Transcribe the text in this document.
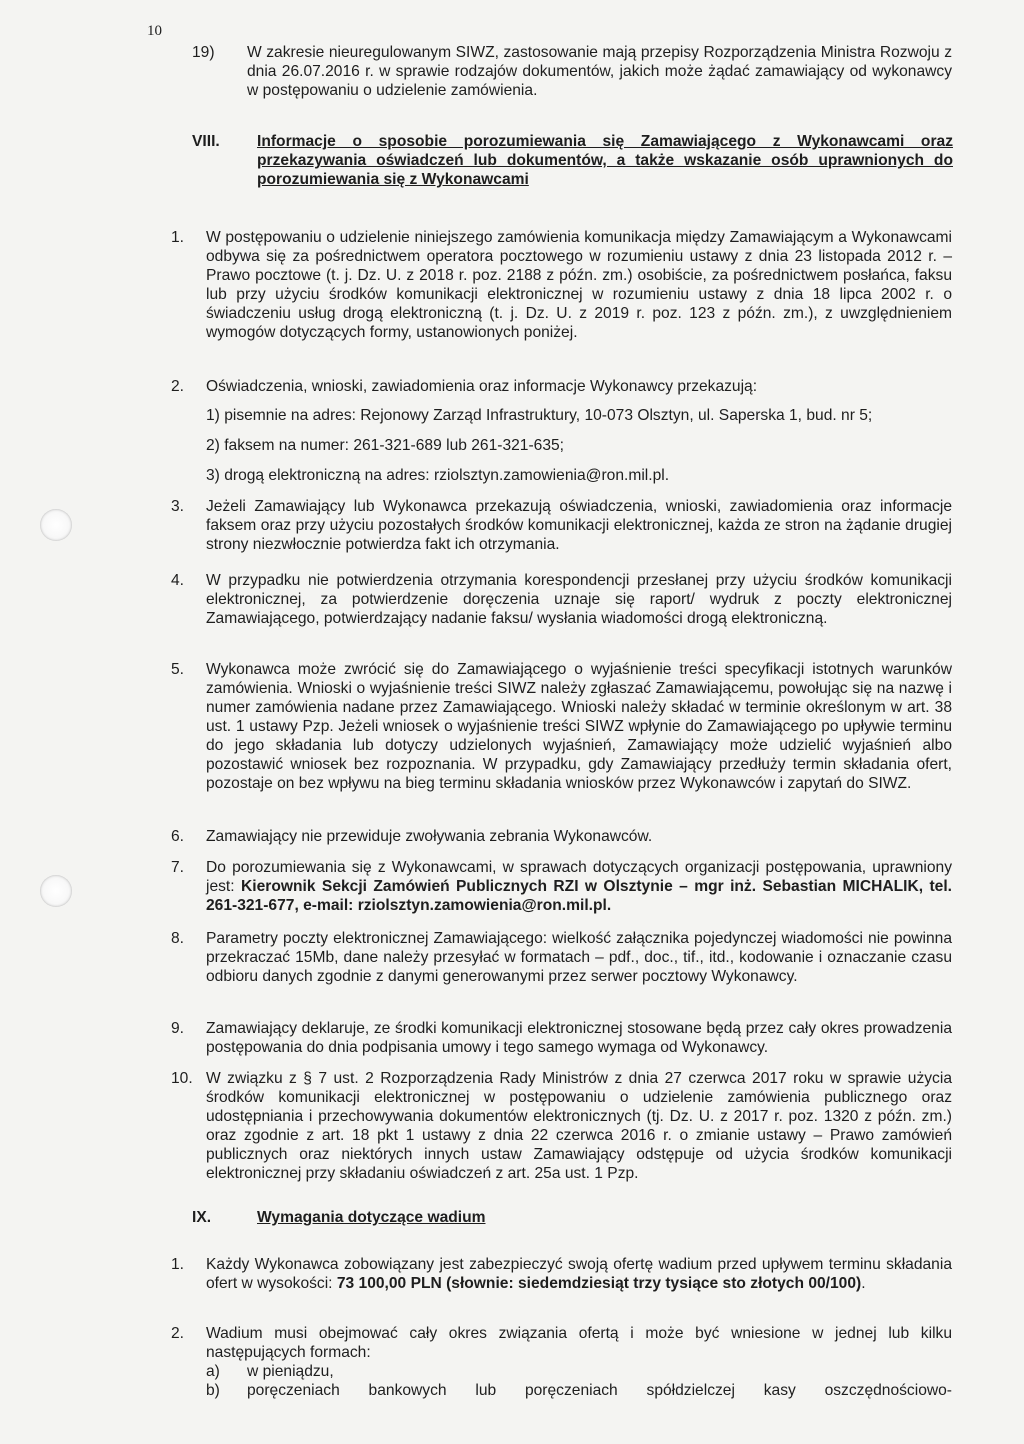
10
19) W zakresie nieuregulowanym SIWZ, zastosowanie mają przepisy Rozporządzenia Ministra Rozwoju z dnia 26.07.2016 r. w sprawie rodzajów dokumentów, jakich może żądać zamawiający od wykonawcy w postępowaniu o udzielenie zamówienia.
VIII. Informacje o sposobie porozumiewania się Zamawiającego z Wykonawcami oraz przekazywania oświadczeń lub dokumentów, a także wskazanie osób uprawnionych do porozumiewania się z Wykonawcami
1. W postępowaniu o udzielenie niniejszego zamówienia komunikacja między Zamawiającym a Wykonawcami odbywa się za pośrednictwem operatora pocztowego w rozumieniu ustawy z dnia 23 listopada 2012 r. – Prawo pocztowe (t. j. Dz. U. z 2018 r. poz. 2188 z późn. zm.) osobiście, za pośrednictwem posłańca, faksu lub przy użyciu środków komunikacji elektronicznej w rozumieniu ustawy z dnia 18 lipca 2002 r. o świadczeniu usług drogą elektroniczną (t. j. Dz. U. z 2019 r. poz. 123 z późn. zm.), z uwzględnieniem wymogów dotyczących formy, ustanowionych poniżej.
2. Oświadczenia, wnioski, zawiadomienia oraz informacje Wykonawcy przekazują:
1) pisemnie na adres: Rejonowy Zarząd Infrastruktury, 10-073 Olsztyn, ul. Saperska 1, bud. nr 5;
2) faksem na numer: 261-321-689 lub 261-321-635;
3) drogą elektroniczną na adres: rziolsztyn.zamowienia@ron.mil.pl.
3. Jeżeli Zamawiający lub Wykonawca przekazują oświadczenia, wnioski, zawiadomienia oraz informacje faksem oraz przy użyciu pozostałych środków komunikacji elektronicznej, każda ze stron na żądanie drugiej strony niezwłocznie potwierdza fakt ich otrzymania.
4. W przypadku nie potwierdzenia otrzymania korespondencji przesłanej przy użyciu środków komunikacji elektronicznej, za potwierdzenie doręczenia uznaje się raport/ wydruk z poczty elektronicznej Zamawiającego, potwierdzający nadanie faksu/ wysłania wiadomości drogą elektroniczną.
5. Wykonawca może zwrócić się do Zamawiającego o wyjaśnienie treści specyfikacji istotnych warunków zamówienia. Wnioski o wyjaśnienie treści SIWZ należy zgłaszać Zamawiającemu, powołując się na nazwę i numer zamówienia nadane przez Zamawiającego. Wnioski należy składać w terminie określonym w art. 38 ust. 1 ustawy Pzp. Jeżeli wniosek o wyjaśnienie treści SIWZ wpłynie do Zamawiającego po upływie terminu do jego składania lub dotyczy udzielonych wyjaśnień, Zamawiający może udzielić wyjaśnień albo pozostawić wniosek bez rozpoznania. W przypadku, gdy Zamawiający przedłuży termin składania ofert, pozostaje on bez wpływu na bieg terminu składania wniosków przez Wykonawców i zapytań do SIWZ.
6. Zamawiający nie przewiduje zwoływania zebrania Wykonawców.
7. Do porozumiewania się z Wykonawcami, w sprawach dotyczących organizacji postępowania, uprawniony jest: Kierownik Sekcji Zamówień Publicznych RZI w Olsztynie – mgr inż. Sebastian MICHALIK, tel. 261-321-677, e-mail: rziolsztyn.zamowienia@ron.mil.pl.
8. Parametry poczty elektronicznej Zamawiającego: wielkość załącznika pojedynczej wiadomości nie powinna przekraczać 15Mb, dane należy przesyłać w formatach – pdf., doc., tif., itd., kodowanie i oznaczanie czasu odbioru danych zgodnie z danymi generowanymi przez serwer pocztowy Wykonawcy.
9. Zamawiający deklaruje, ze środki komunikacji elektronicznej stosowane będą przez cały okres prowadzenia postępowania do dnia podpisania umowy i tego samego wymaga od Wykonawcy.
10. W związku z § 7 ust. 2 Rozporządzenia Rady Ministrów z dnia 27 czerwca 2017 roku w sprawie użycia środków komunikacji elektronicznej w postępowaniu o udzielenie zamówienia publicznego oraz udostępniania i przechowywania dokumentów elektronicznych (tj. Dz. U. z 2017 r. poz. 1320 z późn. zm.) oraz zgodnie z art. 18 pkt 1 ustawy z dnia 22 czerwca 2016 r. o zmianie ustawy – Prawo zamówień publicznych oraz niektórych innych ustaw Zamawiający odstępuje od użycia środków komunikacji elektronicznej przy składaniu oświadczeń z art. 25a ust. 1 Pzp.
IX.	Wymagania dotyczące wadium
1. Każdy Wykonawca zobowiązany jest zabezpieczyć swoją ofertę wadium przed upływem terminu składania ofert w wysokości: 73 100,00 PLN (słownie: siedemdziesiąt trzy tysiące sto złotych 00/100).
2. Wadium musi obejmować cały okres związania ofertą i może być wniesione w jednej lub kilku następujących formach:
a) w pieniądzu,
b) poręczeniach bankowych lub poręczeniach spółdzielczej kasy oszczędnościowo-
